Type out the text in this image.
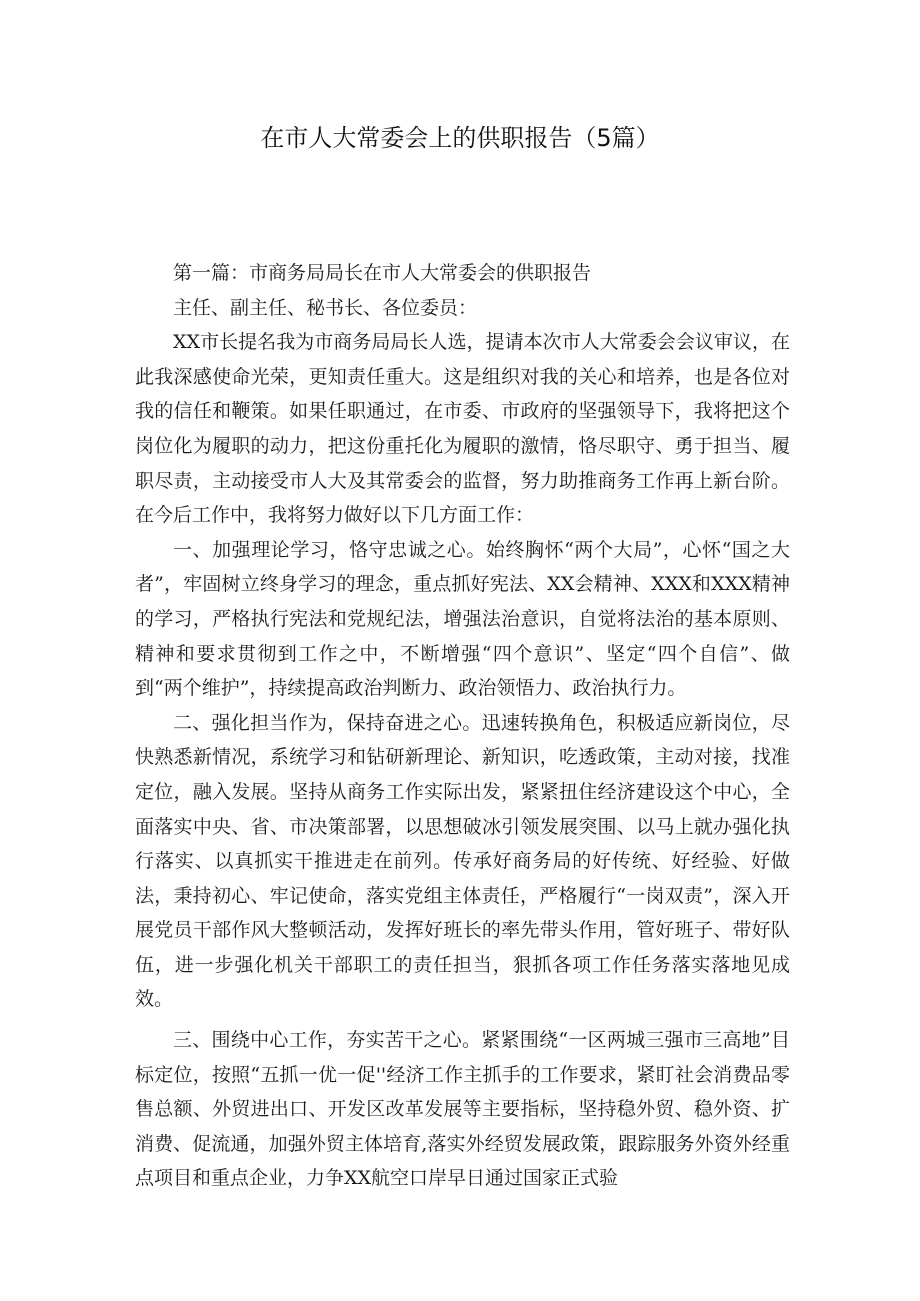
在市人大常委会上的供职报告（5篇）

第一篇：市商务局局长在市人大常委会的供职报告

主任、副主任、秘书长、各位委员：

XX市长提名我为市商务局局长人选，提请本次市人大常委会会议审议，在此我深感使命光荣，更知责任重大。这是组织对我的关心和培养，也是各位对我的信任和鞭策。如果任职通过，在市委、市政府的坚强领导下，我将把这个岗位化为履职的动力，把这份重托化为履职的激情，恪尽职守、勇于担当、履职尽责，主动接受市人大及其常委会的监督，努力助推商务工作再上新台阶。在今后工作中，我将努力做好以下几方面工作：

一、加强理论学习，恪守忠诚之心。始终胸怀“两个大局”，心怀“国之大者”，牢固树立终身学习的理念，重点抓好宪法、XX会精神、XXX和XXX精神的学习，严格执行宪法和党规纪法，增强法治意识，自觉将法治的基本原则、精神和要求贯彻到工作之中，不断增强“四个意识”、坚定“四个自信”、做到“两个维护”，持续提高政治判断力、政治领悟力、政治执行力。

二、强化担当作为，保持奋进之心。迅速转换角色，积极适应新岗位，尽快熟悉新情况，系统学习和钻研新理论、新知识，吃透政策，主动对接，找准定位，融入发展。坚持从商务工作实际出发，紧紧扭住经济建设这个中心，全面落实中央、省、市决策部署，以思想破冰引领发展突围、以马上就办强化执行落实、以真抓实干推进走在前列。传承好商务局的好传统、好经验、好做法，秉持初心、牢记使命，落实党组主体责任，严格履行“一岗双责”，深入开展党员干部作风大整顿活动，发挥好班长的率先带头作用，管好班子、带好队伍，进一步强化机关干部职工的责任担当，狠抓各项工作任务落实落地见成效。

三、围绕中心工作，夯实苦干之心。紧紧围绕“一区两城三强市三高地”目标定位，按照“五抓一优一促''经济工作主抓手的工作要求，紧盯社会消费品零售总额、外贸进出口、开发区改革发展等主要指标，坚持稳外贸、稳外资、扩消费、促流通，加强外贸主体培育,落实外经贸发展政策，跟踪服务外资外经重点项目和重点企业，力争XX航空口岸早日通过国家正式验
